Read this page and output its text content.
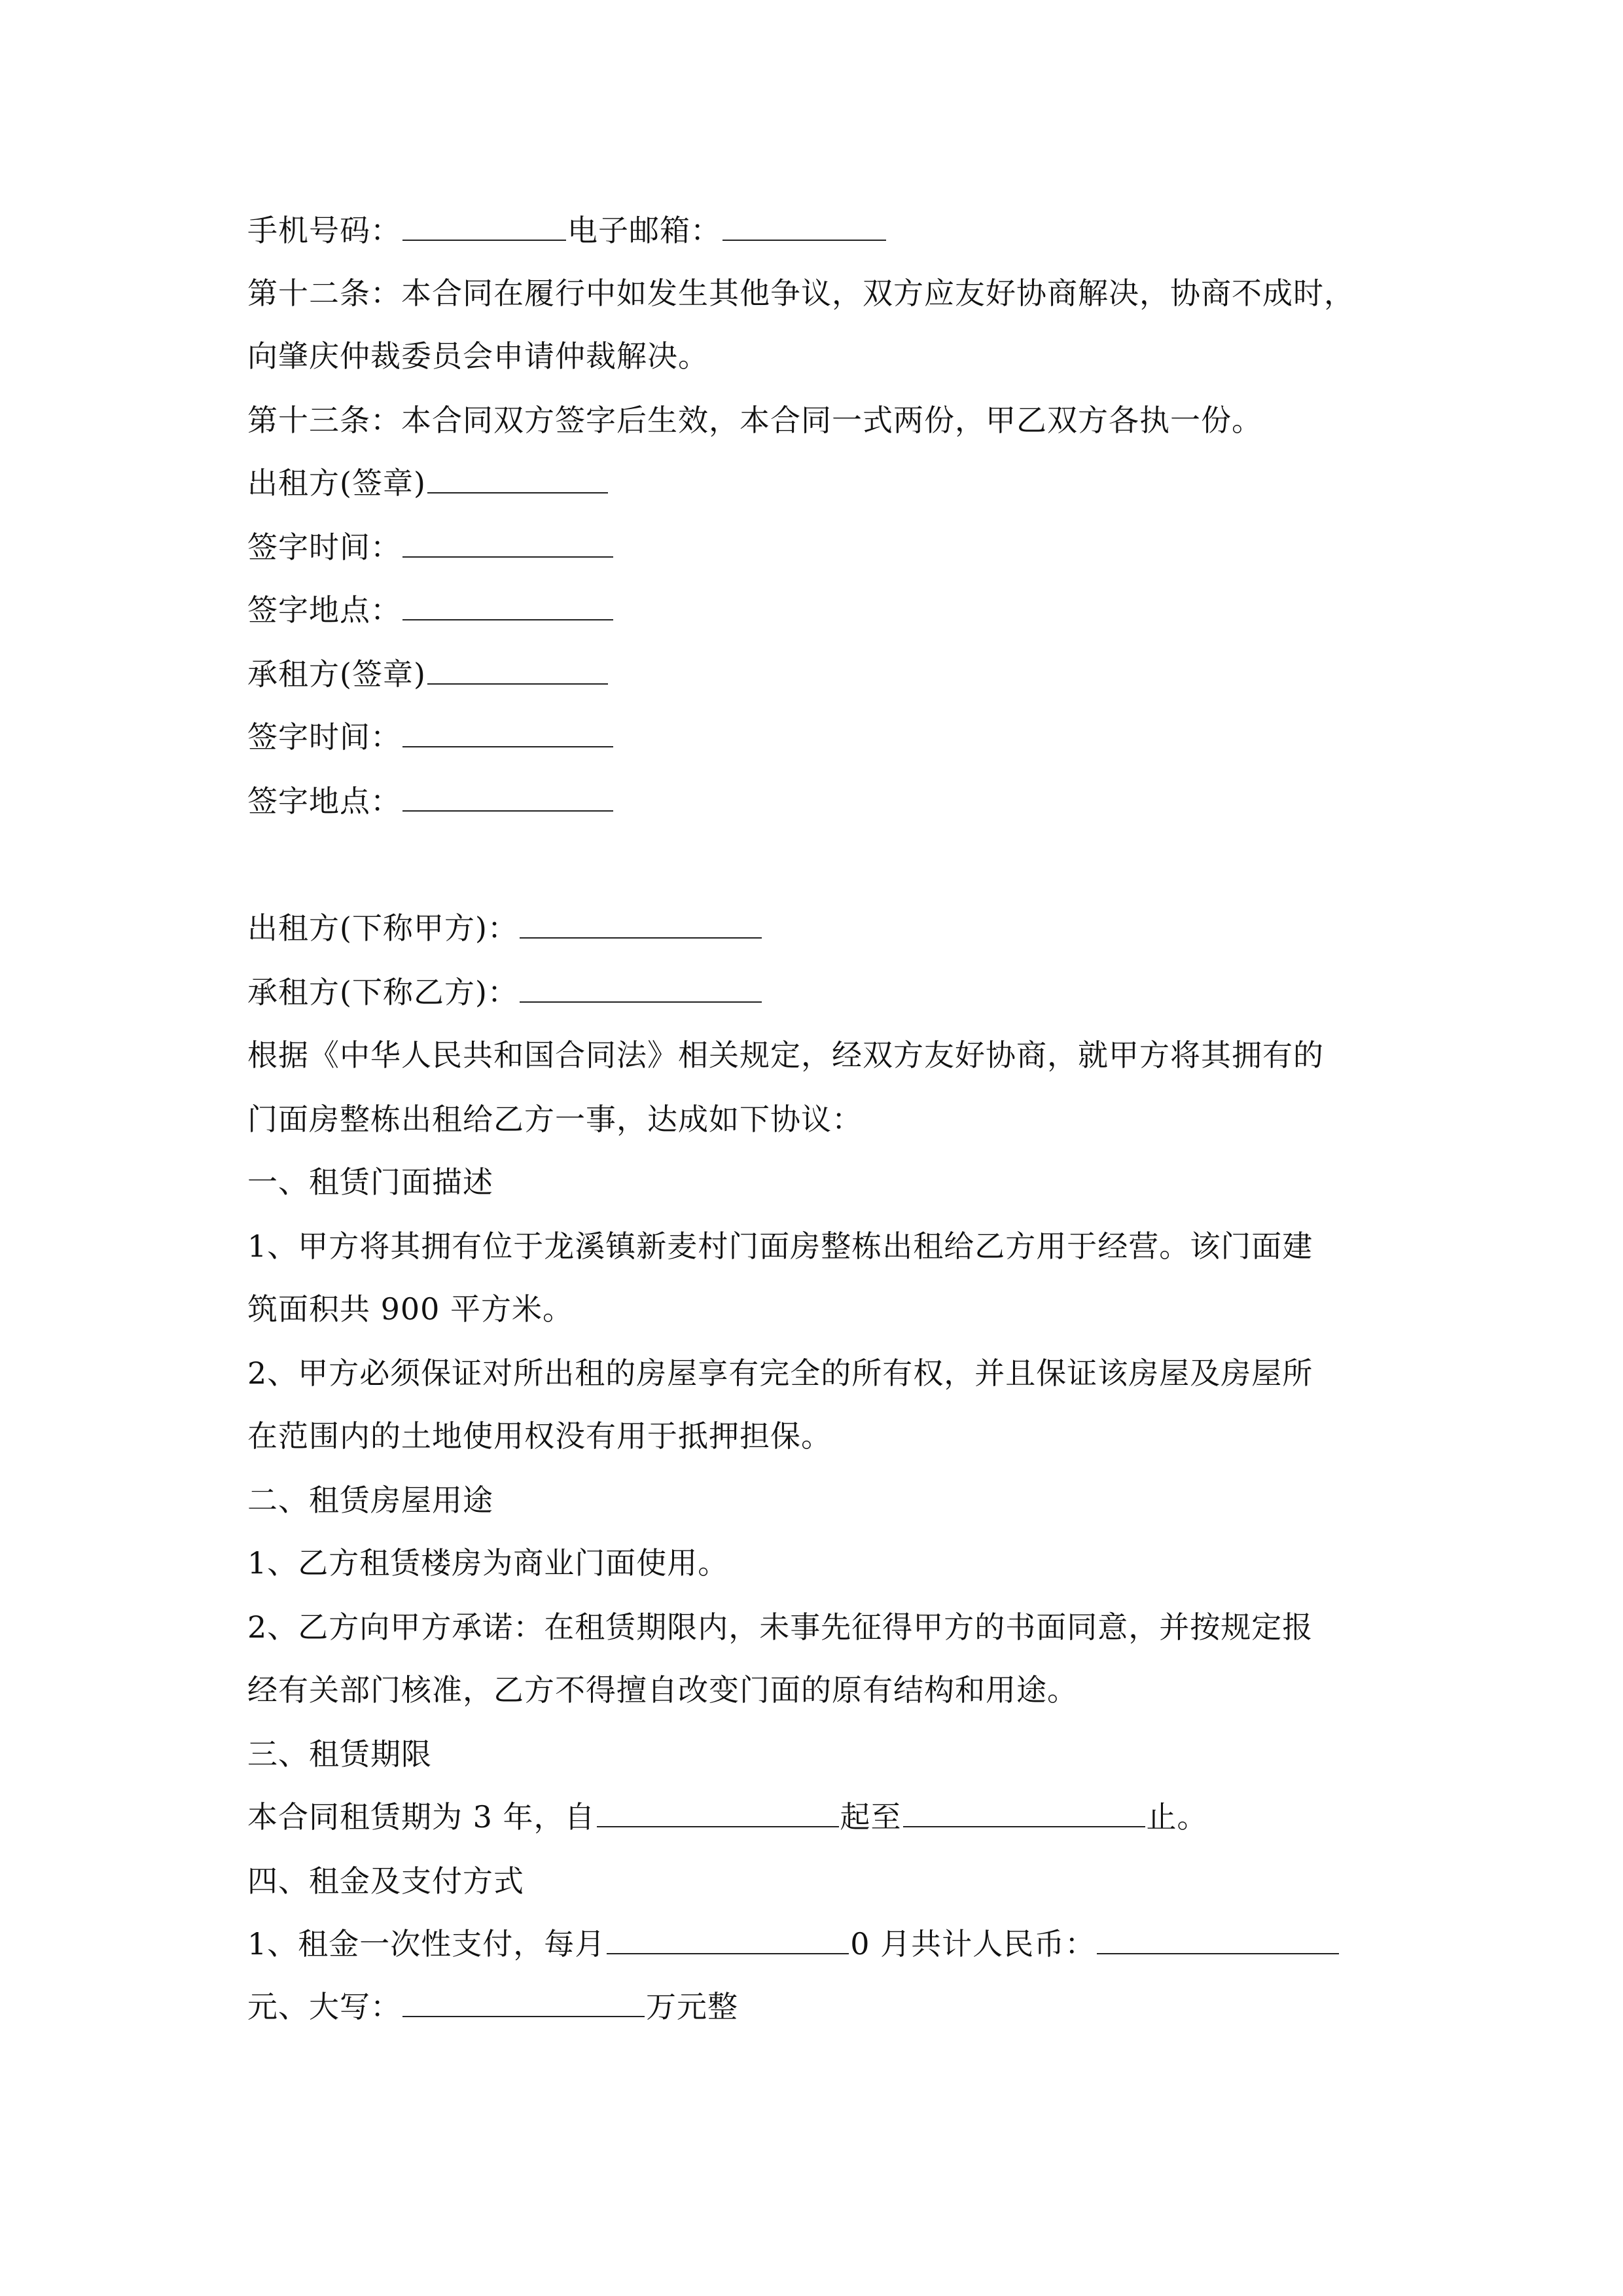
手机号码：	电子邮箱：
第十二条：本合同在履行中如发生其他争议，双方应友好协商解决，协商不成时，
向肇庆仲裁委员会申请仲裁解决。
第十三条：本合同双方签字后生效，本合同一式两份，甲乙双方各执一份。
出租方(签章)
签字时间：
签字地点：
承租方(签章)
签字时间：
签字地点：
出租方(下称甲方)：
承租方(下称乙方)：
根据《中华人民共和国合同法》相关规定，经双方友好协商，就甲方将其拥有的
门面房整栋出租给乙方一事，达成如下协议：
一、租赁门面描述
1、甲方将其拥有位于龙溪镇新麦村门面房整栋出租给乙方用于经营。该门面建
筑面积共 900 平方米。
2、甲方必须保证对所出租的房屋享有完全的所有权，并且保证该房屋及房屋所
在范围内的土地使用权没有用于抵押担保。
二、租赁房屋用途
1、乙方租赁楼房为商业门面使用。
2、乙方向甲方承诺：在租赁期限内，未事先征得甲方的书面同意，并按规定报
经有关部门核准，乙方不得擅自改变门面的原有结构和用途。
三、租赁期限
本合同租赁期为 3 年，自	起至	止。
四、租金及支付方式
1、租金一次性支付，每月	0 月共计人民币：
元、大写：	万元整
